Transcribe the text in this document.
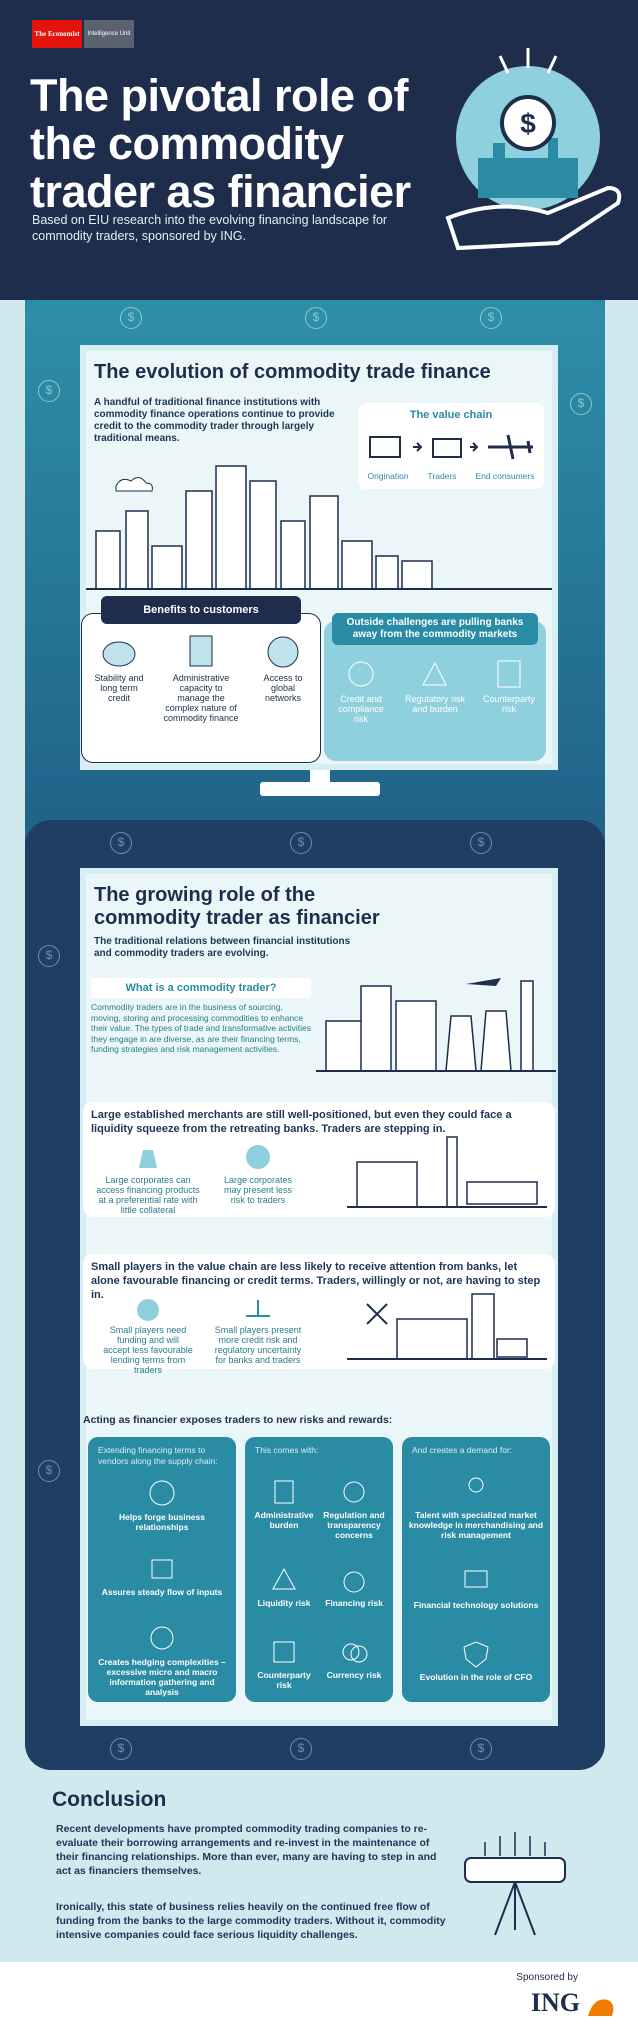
The Economist	Intelligence Unit
The pivotal role of the commodity trader as financier
Based on EIU research into the evolving financing landscape for commodity traders, sponsored by ING.
$
$
$
$	$	$
The evolution of commodity trade finance
A handful of traditional finance institutions with commodity finance operations continue to provide credit to the commodity trader through largely traditional means.
The value chain
Origination Traders End consumers
Benefits to customers
Stability and long term credit
Administrative capacity to manage the complex nature of commodity finance
Access to global networks
Outside challenges are pulling banks away from the commodity markets
Credit and compliance risk
Regulatory risk and burden
Counterparty risk
$	$	$
$
$
$	$	$
The growing role of the commodity trader as financier
The traditional relations between financial institutions and commodity traders are evolving.
What is a commodity trader?
Commodity traders are in the business of sourcing, moving, storing and processing commodities to enhance their value. The types of trade and transformative activities they engage in are diverse, as are their financing terms, funding strategies and risk management activities.
Large established merchants are still well-positioned, but even they could face a liquidity squeeze from the retreating banks. Traders are stepping in.
Large corporates can access financing products at a preferential rate with little collateral
Large corporates may present less risk to traders
Small players in the value chain are less likely to receive attention from banks, let alone favourable financing or credit terms. Traders, willingly or not, are having to step in.
Small players need funding and will accept less favourable lending terms from traders
Small players present more credit risk and regulatory uncertainty for banks and traders
Acting as financier exposes traders to new risks and rewards:
Extending financing terms to vendors along the supply chain:
Helps forge business relationships
Assures steady flow of inputs
Creates hedging complexities – excessive micro and macro information gathering and analysis
This comes with:
Administrative burden
Regulation and transparency concerns
Liquidity risk	Financing risk
Counterparty risk
Currency risk
And creates a demand for:
Talent with specialized market knowledge in merchandising and risk management
Financial technology solutions
Evolution in the role of CFO
Conclusion
Recent developments have prompted commodity trading companies to re-evaluate their borrowing arrangements and re-invest in the maintenance of their financing relationships. More than ever, many are having to step in and act as financiers themselves.
Ironically, this state of business relies heavily on the continued free flow of funding from the banks to the large commodity traders. Without it, commodity intensive companies could face serious liquidity challenges.
Sponsored by
ING
